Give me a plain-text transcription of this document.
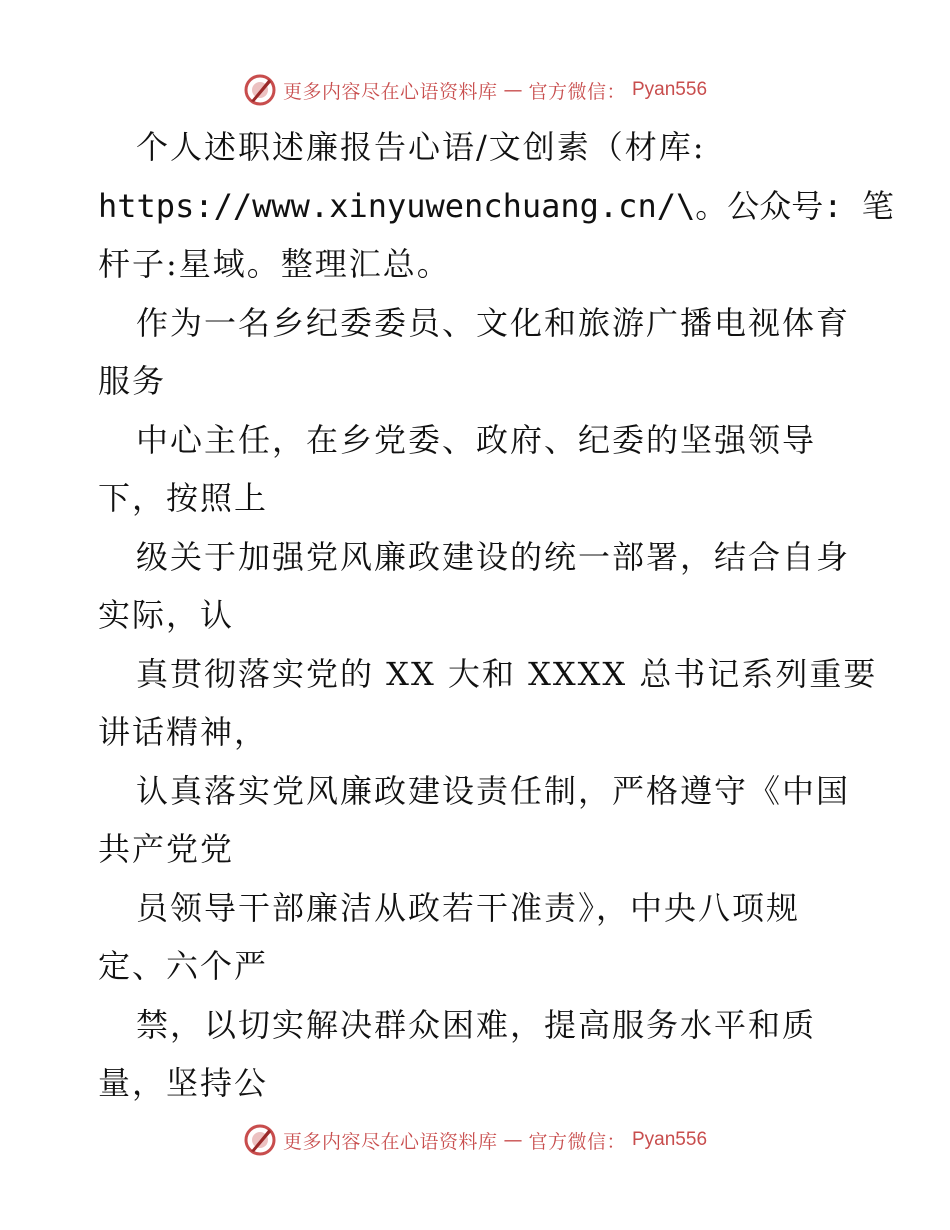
更多内容尽在心语资料库 — 官方微信： Pyan556
个人述职述廉报告心语/文创素（材库:
https://www.xinyuwenchuang.cn/\。公众号: 笔
杆子:星域。整理汇总。
作为一名乡纪委委员、文化和旅游广播电视体育
服务
中心主任，在乡党委、政府、纪委的坚强领导
下，按照上
级关于加强党风廉政建设的统一部署，结合自身
实际，认
真贯彻落实党的 XX 大和 XXXX 总书记系列重要
讲话精神，
认真落实党风廉政建设责任制，严格遵守《中国
共产党党
员领导干部廉洁从政若干准责》，中央八项规
定、六个严
禁，以切实解决群众困难，提高服务水平和质
量，坚持公
更多内容尽在心语资料库 — 官方微信： Pyan556
